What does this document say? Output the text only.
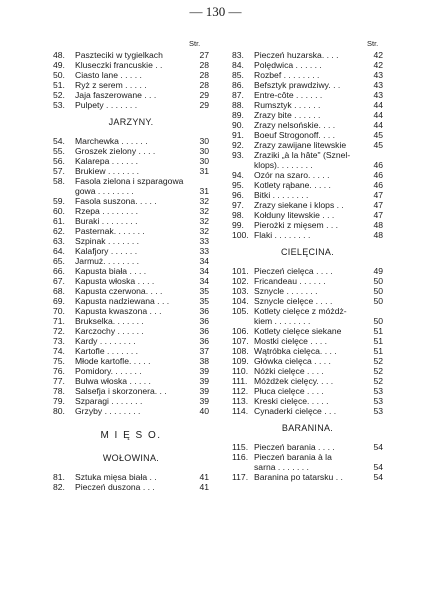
— 130 —
Str.	Str.
48.	Paszteciki w tygielkach	27
49.	Kluseczki francuskie . .	28
50.	Ciasto lane . . . . .	28
51.	Ryż z serem . . . . .	28
52.	Jaja faszerowane . . .	29
53.	Pulpety . . . . . . .	29
JARZYNY.
54.	Marchewka . . . . . .	30
55.	Groszek zielony . . . .	30
56.	Kalarepa . . . . . .	30
57.	Brukiew . . . . . . .	31
58.	Fasola zielona i szparagowa
gowa . . . . . . . .	31
59.	Fasola suszona. . . . .	32
60.	Rzepa . . . . . . . .	32
61.	Buraki . . . . . . . .	32
62.	Pasternak. . . . . . .	32
63.	Szpinak . . . . . . .	33
64.	Kalafjory . . . . . .	33
65.	Jarmuż. . . . . . . .	34
66.	Kapusta biała . . . .	34
67.	Kapusta włoska . . . .	34
68.	Kapusta czerwona. . . .	35
69.	Kapusta nadziewana . . .	35
70.	Kapusta kwaszona . . .	36
71.	Brukselka. . . . . . .	36
72.	Karczochy . . . . . .	36
73.	Kardy . . . . . . . .	36
74.	Kartofle . . . . . . .	37
75.	Młode kartofle. . . . .	38
76.	Pomidory. . . . . . .	39
77.	Bulwa włoska . . . . .	39
78.	Salsefja i skorzonera. . .	39
79.	Szparagi . . . . . . .	39
80.	Grzyby . . . . . . . .	40
M I Ę S O.
WOŁOWINA.
81.	Sztuka mięsa biała . .	41
82.	Pieczeń duszona . . .	41
83.	Pieczeń huzarska. . . .	42
84.	Polędwica . . . . . .	42
85.	Rozbef . . . . . . . .	43
86.	Befsztyk prawdziwy. . .	43
87.	Entre-côte . . . . . .	43
88.	Rumsztyk . . . . . .	44
89.	Zrazy bite . . . . . .	44
90.	Zrazy nelsońskie. . . .	44
91.	Boeuf Strogonoff. . . .	45
92.	Zrazy zawijane litewskie	45
93.	Zraziki „à la hâte" (Sznel-
klops). . . . . . . .	46
94.	Ozór na szaro. . . . .	46
95.	Kotlety rąbane. . . . .	46
96.	Bitki . . . . . . . .	47
97.	Zrazy siekane i klops . .	47
98.	Kołduny litewskie . . .	47
99.	Pierożki z mięsem . . .	48
100. Flaki . . . . . . . .	48
CIELĘCINA.
101. Pieczeń cielęca . . . .	49
102. Fricandeau . . . . . .	50
103. Sznycle . . . . . . .	50
104. Sznycle cielęce . . . .	50
105. Kotlety cielęce z móżdż-
kiem . . . . . . . .	50
106. Kotlety cielęce siekane	51
107. Mostki cielęce . . . .	51
108. Wątróbka cielęca. . . .	51
109. Główka cielęca . . . .	52
110. Nóżki cielęce . . . .	52
111. Móżdżek cielęcy. . . .	52
112. Płuca cielęce . . . .	53
113. Kreski cielęce. . . . .	53
114. Cynaderki cielęce . . .	53
BARANINA.
115. Pieczeń barania . . . .	54
116. Pieczeń barania à la
sarna . . . . . . .	54
117. Baranina po tatarsku . .	54
